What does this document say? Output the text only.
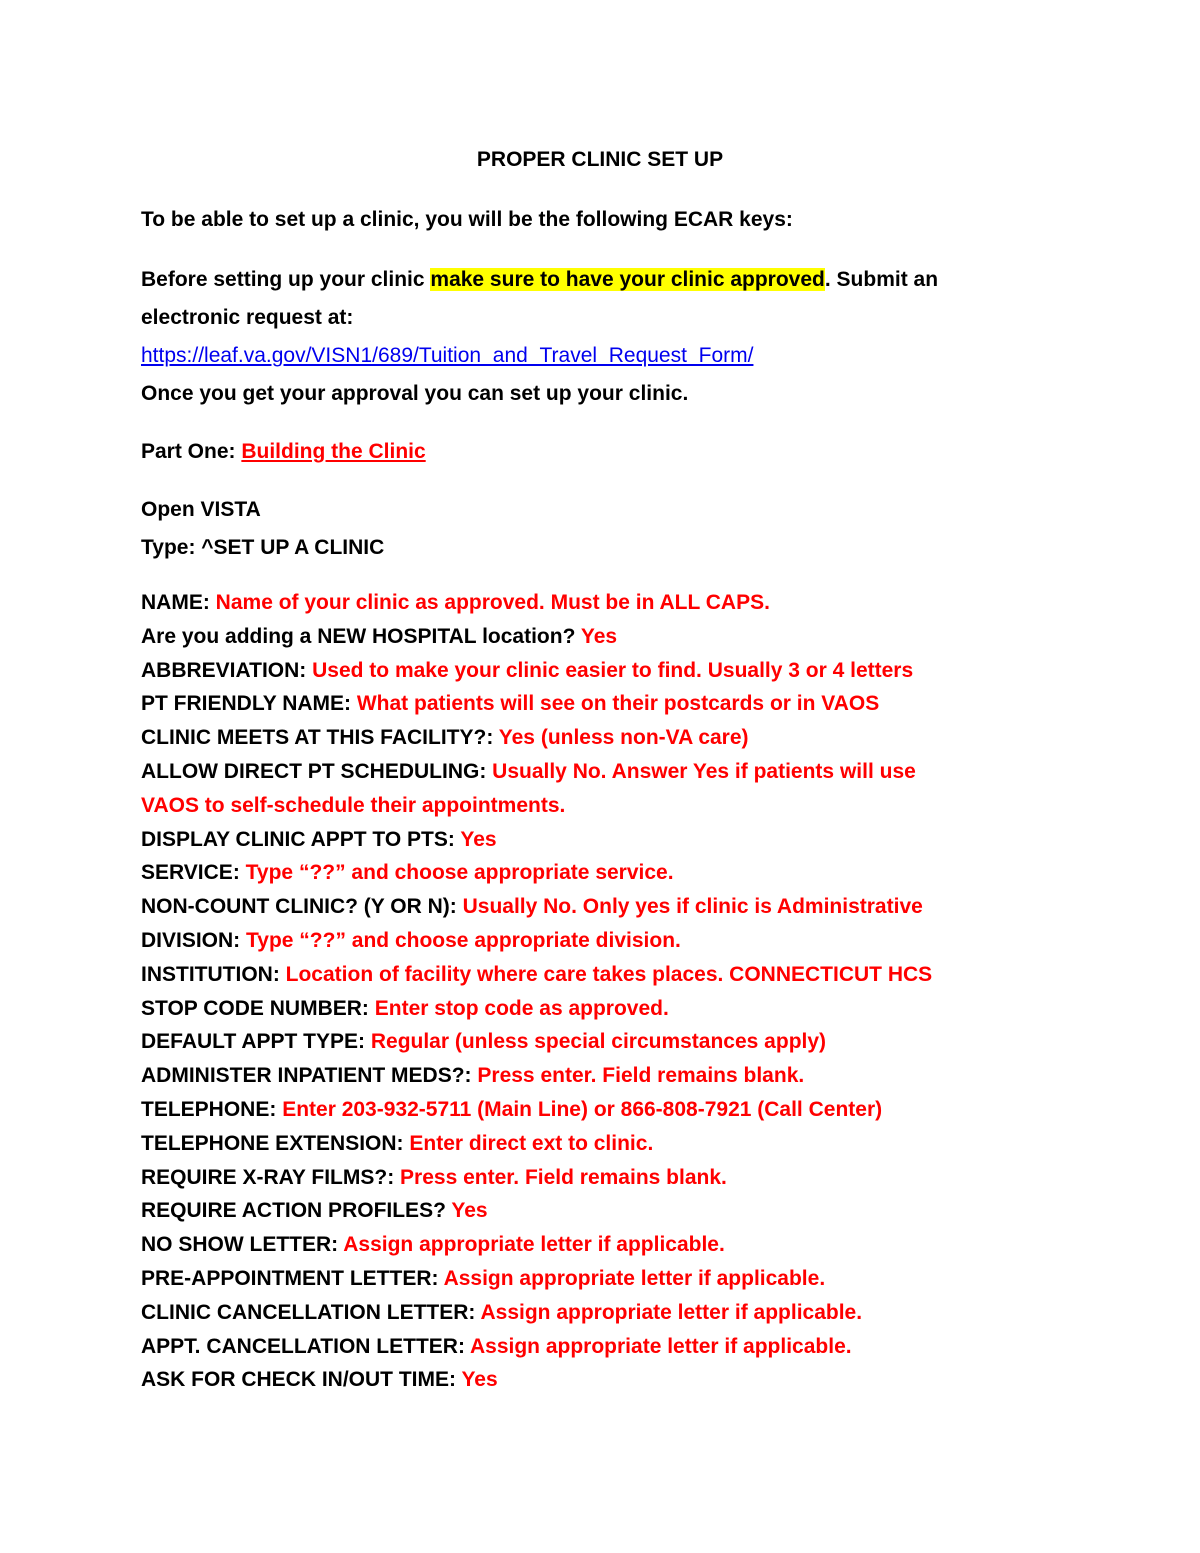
PROPER CLINIC SET UP
To be able to set up a clinic, you will be the following ECAR keys:
Before setting up your clinic make sure to have your clinic approved. Submit an
electronic request at:
https://leaf.va.gov/VISN1/689/Tuition_and_Travel_Request_Form/
Once you get your approval you can set up your clinic.
Part One: Building the Clinic
Open VISTA
Type: ^SET UP A CLINIC
NAME: Name of your clinic as approved. Must be in ALL CAPS.
Are you adding a NEW HOSPITAL location? Yes
ABBREVIATION: Used to make your clinic easier to find. Usually 3 or 4 letters
PT FRIENDLY NAME: What patients will see on their postcards or in VAOS
CLINIC MEETS AT THIS FACILITY?: Yes (unless non-VA care)
ALLOW DIRECT PT SCHEDULING: Usually No. Answer Yes if patients will use
VAOS to self-schedule their appointments.
DISPLAY CLINIC APPT TO PTS: Yes
SERVICE: Type “??” and choose appropriate service.
NON-COUNT CLINIC? (Y OR N): Usually No. Only yes if clinic is Administrative
DIVISION: Type “??” and choose appropriate division.
INSTITUTION: Location of facility where care takes places. CONNECTICUT HCS
STOP CODE NUMBER: Enter stop code as approved.
DEFAULT APPT TYPE: Regular (unless special circumstances apply)
ADMINISTER INPATIENT MEDS?: Press enter. Field remains blank.
TELEPHONE: Enter 203-932-5711 (Main Line) or 866-808-7921 (Call Center)
TELEPHONE EXTENSION: Enter direct ext to clinic.
REQUIRE X-RAY FILMS?: Press enter. Field remains blank.
REQUIRE ACTION PROFILES? Yes
NO SHOW LETTER: Assign appropriate letter if applicable.
PRE-APPOINTMENT LETTER: Assign appropriate letter if applicable.
CLINIC CANCELLATION LETTER: Assign appropriate letter if applicable.
APPT. CANCELLATION LETTER: Assign appropriate letter if applicable.
ASK FOR CHECK IN/OUT TIME: Yes
